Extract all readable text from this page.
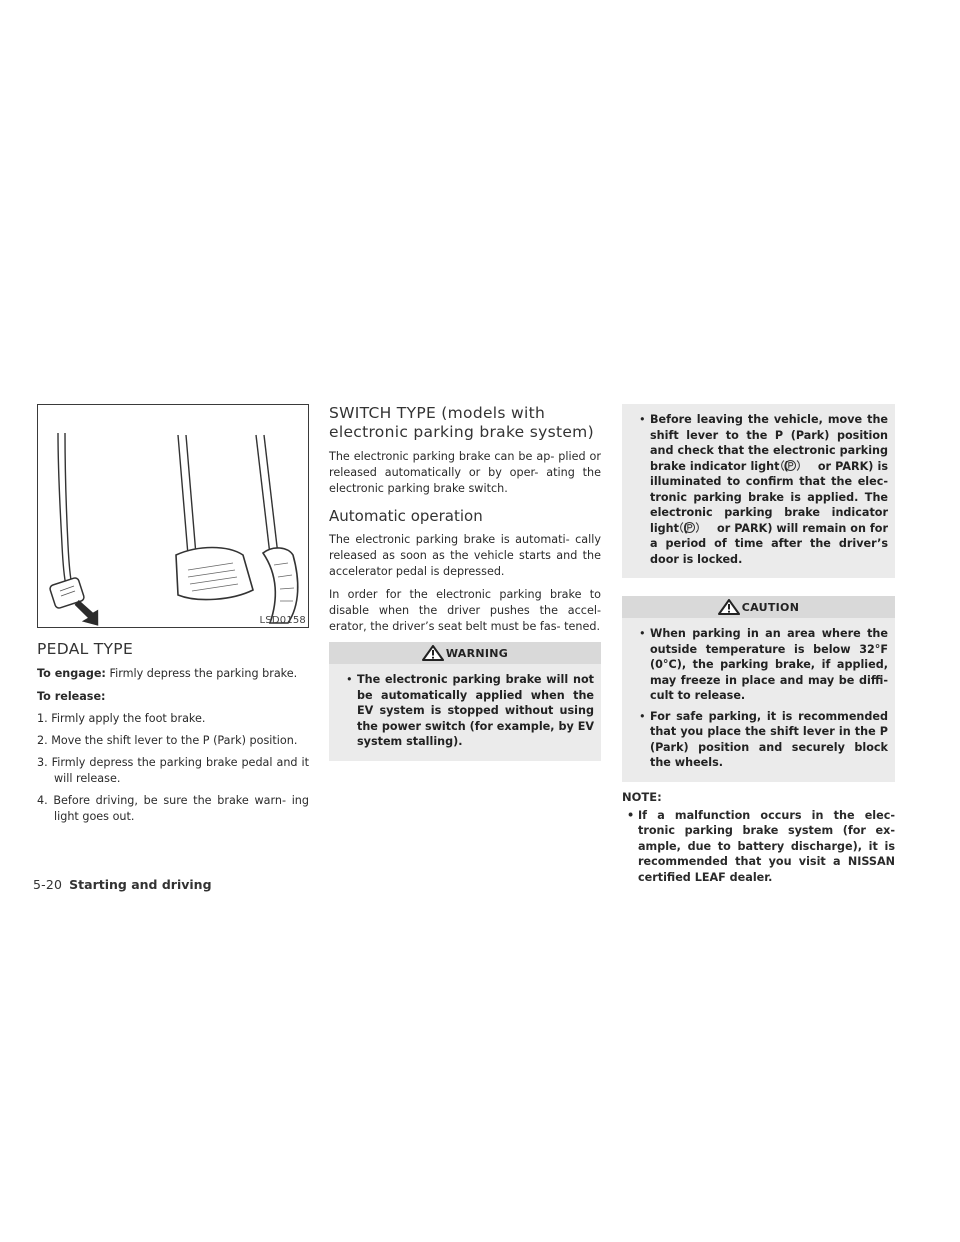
LSD0158
PEDAL TYPE

To engage: Firmly depress the parking brake.

To release:
1. Firmly apply the foot brake.
2. Move the shift lever to the P (Park) position.
3. Firmly depress the parking brake pedal and it will release.
4. Before driving, be sure the brake warn- ing light goes out.
SWITCH TYPE (models with electronic parking brake system)

The electronic parking brake can be ap- plied or released automatically or by oper- ating the electronic parking brake switch.

Automatic operation

The electronic parking brake is automati- cally released as soon as the vehicle starts and the accelerator pedal is depressed.

In order for the electronic parking brake to disable when the driver pushes the accel- erator, the driver’s seat belt must be fas- tened.

WARNING
• The electronic parking brake will not be automatically applied when the EV system is stopped without using the power switch (for example, by EV system stalling).
• Before leaving the vehicle, move the shift lever to the P (Park) position and check that the electronic parking brake indicator light ( or PARK) is illuminated to confirm that the elec- tronic parking brake is applied. The electronic parking brake indicator light ( or PARK) will remain on for a period of time after the driver’s door is locked.
CAUTION
• When parking in an area where the outside temperature is below 32°F (0°C), the parking brake, if applied, may freeze in place and may be diffi- cult to release.
• For safe parking, it is recommended that you place the shift lever in the P (Park) position and securely block the wheels.
NOTE:
• If a malfunction occurs in the elec- tronic parking brake system (for ex- ample, due to battery discharge), it is recommended that you visit a NISSAN certified LEAF dealer.
5-20 Starting and driving
